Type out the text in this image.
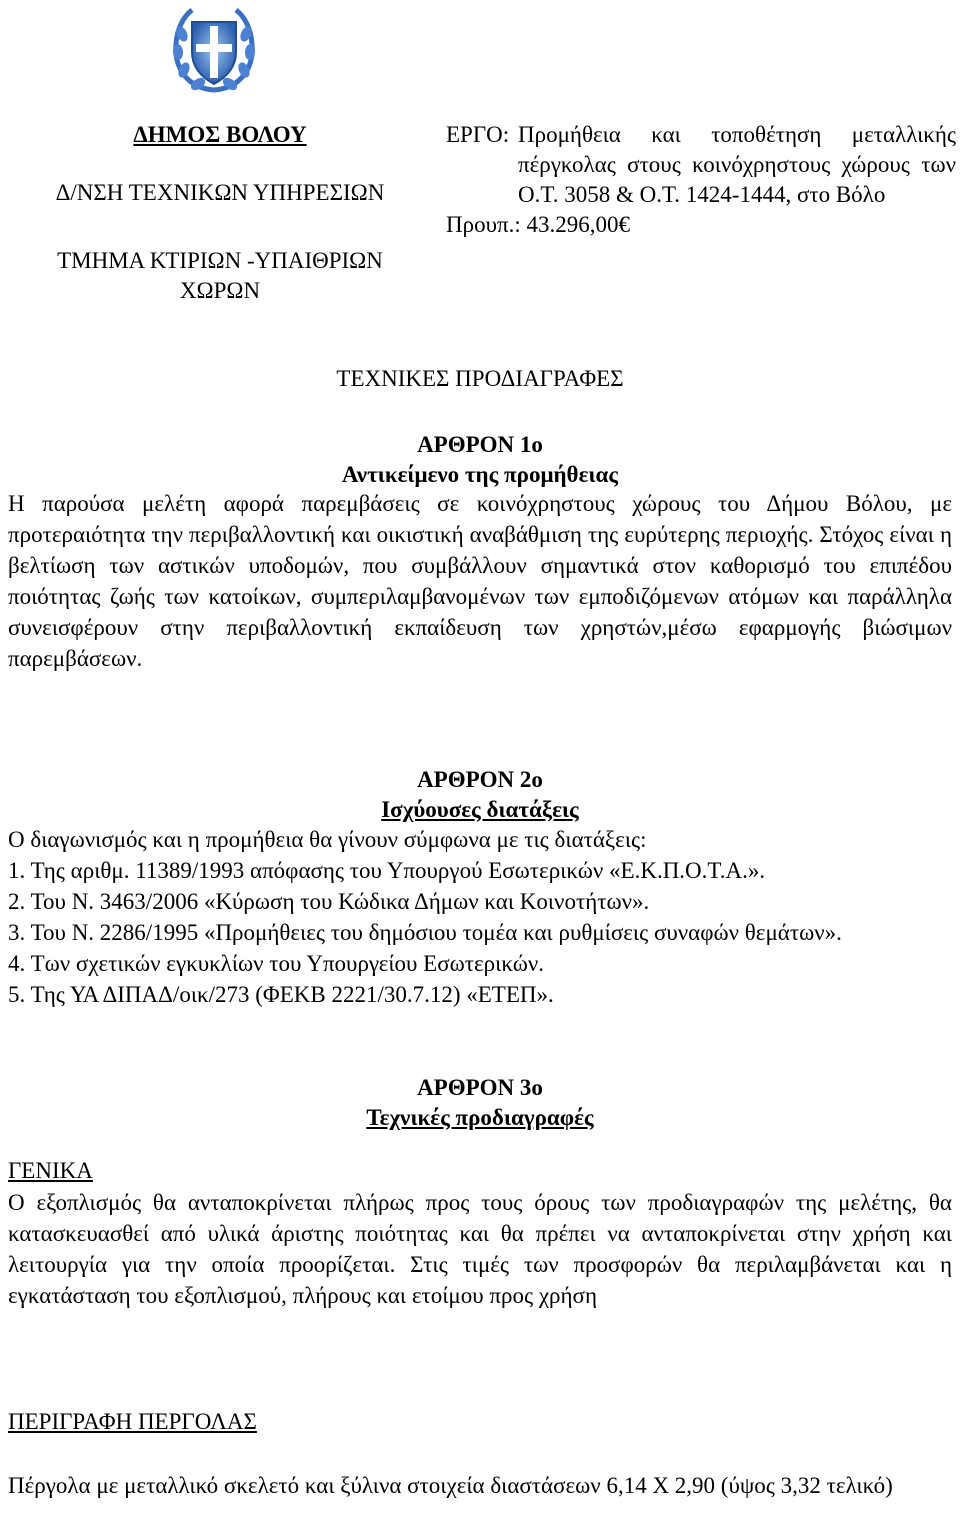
ΔΗΜΟΣ ΒΟΛΟΥ
Δ/ΝΣΗ ΤΕΧΝΙΚΩΝ ΥΠΗΡΕΣΙΩΝ
ΤΜΗΜΑ ΚΤΙΡΙΩΝ -ΥΠΑΙΘΡΙΩΝ
ΧΩΡΩΝ
ΕΡΓΟ: Προμήθεια και τοποθέτηση μεταλλικής πέργκολας στους κοινόχρηστους χώρους των Ο.Τ. 3058 & Ο.Τ. 1424-1444, στο Βόλο
Προυπ.: 43.296,00€
ΤΕΧΝΙΚΕΣ ΠΡΟΔΙΑΓΡΑΦΕΣ
ΑΡΘΡΟΝ 1ο
Αντικείμενο της προμήθειας
Η παρούσα μελέτη αφορά παρεμβάσεις σε κοινόχρηστους χώρους του Δήμου Βόλου, με προτεραιότητα την περιβαλλοντική και οικιστική αναβάθμιση της ευρύτερης περιοχής. Στόχος είναι η βελτίωση των αστικών υποδομών, που συμβάλλουν σημαντικά στον καθορισμό του επιπέδου ποιότητας ζωής των κατοίκων, συμπεριλαμβανομένων των εμποδιζόμενων ατόμων και παράλληλα συνεισφέρουν στην περιβαλλοντική εκπαίδευση των χρηστών,μέσω εφαρμογής βιώσιμων παρεμβάσεων.
ΑΡΘΡΟΝ 2ο
Ισχύουσες διατάξεις
Ο διαγωνισμός και η προμήθεια θα γίνουν σύμφωνα με τις διατάξεις:
1. Της αριθμ. 11389/1993 απόφασης του Υπουργού Εσωτερικών «Ε.Κ.Π.Ο.Τ.Α.».
2. Του Ν. 3463/2006 «Κύρωση του Κώδικα Δήμων και Κοινοτήτων».
3. Του Ν. 2286/1995 «Προμήθειες του δημόσιου τομέα και ρυθμίσεις συναφών θεμάτων».
4. Των σχετικών εγκυκλίων του Υπουργείου Εσωτερικών.
5. Της ΥΑ ΔΙΠΑΔ/οικ/273 (ΦΕΚΒ 2221/30.7.12) «ΕΤΕΠ».
ΑΡΘΡΟΝ 3ο
Τεχνικές προδιαγραφές
ΓΕΝΙΚΑ
Ο εξοπλισμός θα ανταποκρίνεται πλήρως προς τους όρους των προδιαγραφών της μελέτης, θα κατασκευασθεί από υλικά άριστης ποιότητας και θα πρέπει να ανταποκρίνεται στην χρήση και λειτουργία για την οποία προορίζεται. Στις τιμές των προσφορών θα περιλαμβάνεται και η εγκατάσταση του εξοπλισμού, πλήρους και ετοίμου προς χρήση
ΠΕΡΙΓΡΑΦΗ ΠΕΡΓΟΛΑΣ
Πέργολα με μεταλλικό σκελετό και ξύλινα στοιχεία διαστάσεων 6,14 Χ 2,90 (ύψος 3,32 τελικό)
